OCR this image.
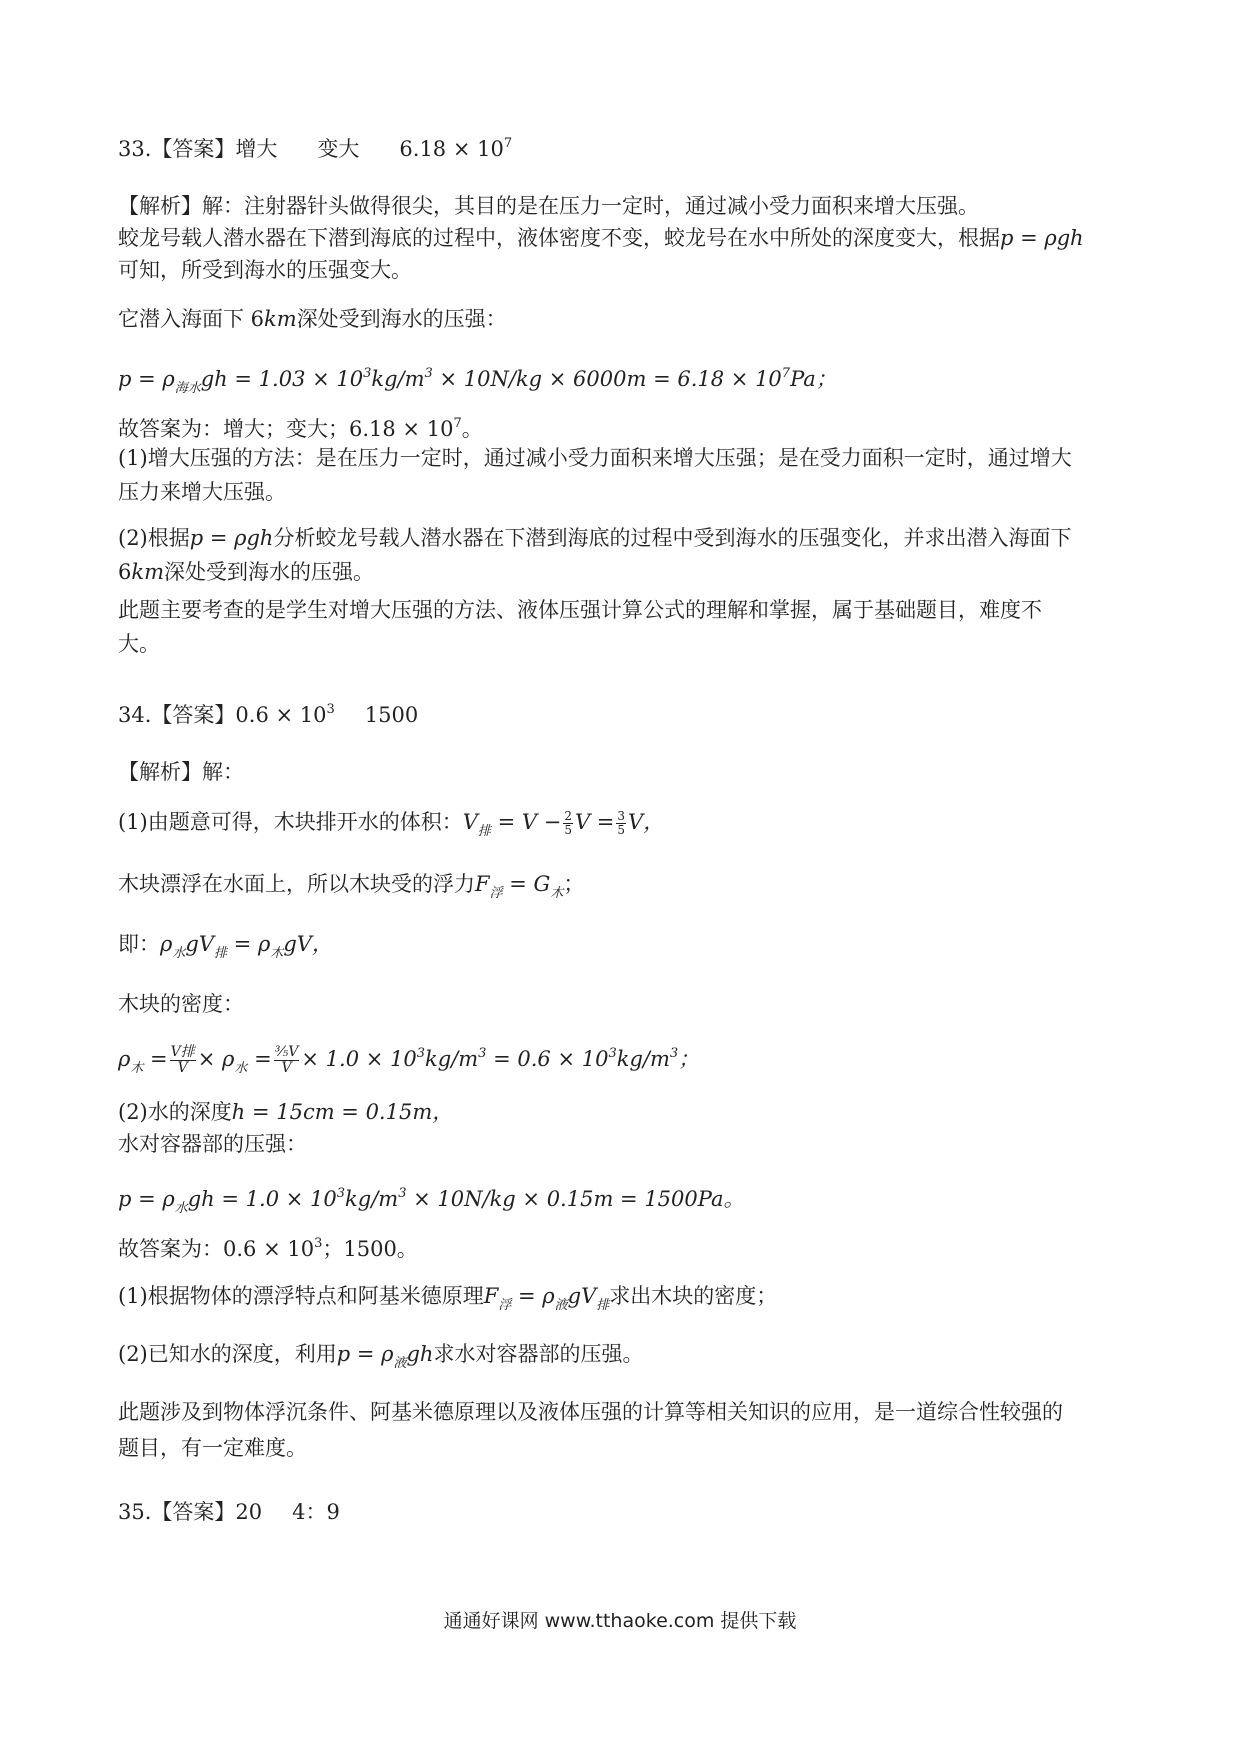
33.【答案】增大 变大 $6.18 \times 10^7$
【解析】解：注射器针头做得很尖，其目的是在压力一定时，通过减小受力面积来增大压强。
蛟龙号载人潜水器在下潜到海底的过程中，液体密度不变，蛟龙号在水中所处的深度变大，根据p = ρgℎ
可知，所受到海水的压强变大。
它潜入海面下 6km深处受到海水的压强：
$p = \rho_{海水}gℎ = 1.03 \times 10^3kg/m^3 \times 10N/kg \times 6000m = 6.18 \times 10^7Pa$；
故答案为：增大；变大；$6.18 \times 10^7$。
(1)增大压强的方法：是在压力一定时，通过减小受力面积来增大压强；是在受力面积一定时，通过增大
压力来增大压强。
(2)根据p = ρgℎ分析蛟龙号载人潜水器在下潜到海底的过程中受到海水的压强变化，并求出潜入海面下
6km深处受到海水的压强。
此题主要考查的是学生对增大压强的方法、液体压强计算公式的理解和掌握，属于基础题目，难度不
大。
34.【答案】$0.6 \times 10^3$ 1500
【解析】解：
(1)由题意可得，木块排开水的体积：$V_排 = V - \frac{2}{5}$ $V = \frac{3}{5}$ V，
木块漂浮在水面上，所以木块受的浮力$F_浮 = G_木$；
即：$\rho_水gV_排 = \rho_木gV$，
木块的密度：
$\rho_木 = \frac{\text{V排}}{V} \times \rho_水 = \frac{\text{³⁄₅V}}{V} \times 1.0 \times 10^3kg/m^3 = 0.6 \times 10^3kg/m^3$；
(2)水的深度ℎ = 15cm = 0.15m，
水对容器部的压强：
$p = \rho_水gℎ = 1.0 \times 10^3kg/m^3 \times 10N/kg \times 0.15m = 1500Pa$。
故答案为：$0.6 \times 10^3$；1500。
(1)根据物体的漂浮特点和阿基米德原理$F_浮 = \rho_液gV_排$求出木块的密度；
(2)已知水的深度，利用$p = \rho_液gℎ$求水对容器部的压强。
此题涉及到物体浮沉条件、阿基米德原理以及液体压强的计算等相关知识的应用，是一道综合性较强的
题目，有一定难度。
35.【答案】20 4：9
通通好课网 www.tthaoke.com 提供下载
